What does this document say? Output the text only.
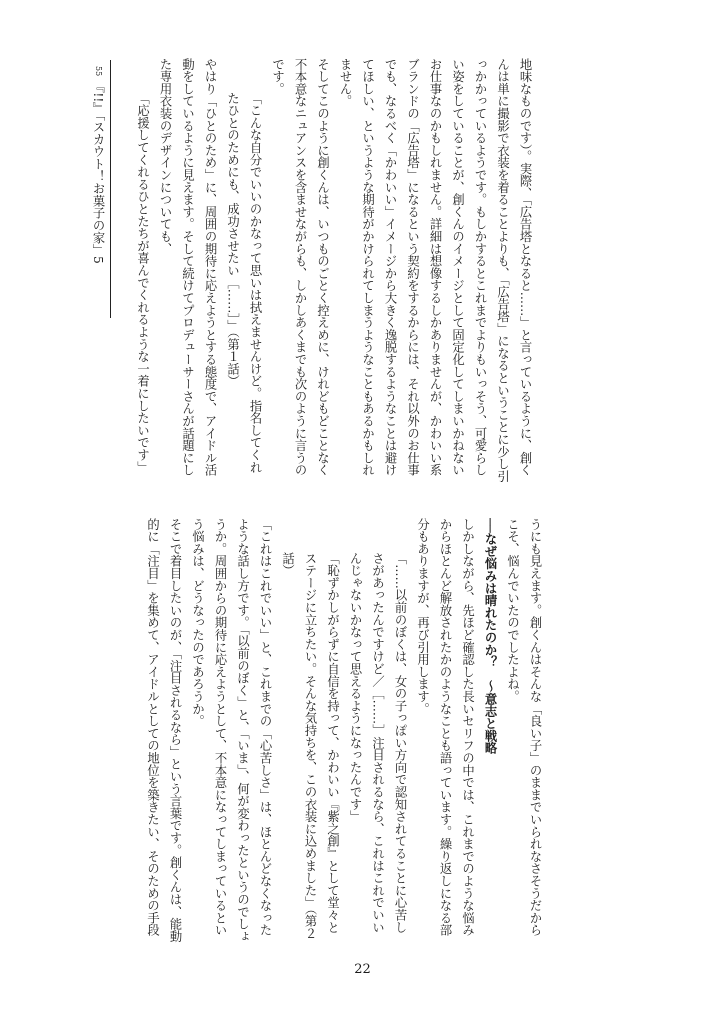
地味なものです）。実際、「広告塔となると……」と言っているように、創くんは単に撮影で衣装を着ることよりも、「広告塔」になるということに少し引っかかっているようです。もしかするとこれまでよりもいっそう、可愛らしい姿をしていることが、創くんのイメージとして固定化してしまいかねないお仕事なのかもしれません。詳細は想像するしかありませんが、かわいい系ブランドの「広告塔」になるという契約をするからには、それ以外のお仕事でも、なるべく「かわいい」イメージから大きく逸脱するようなことは避けてほしい、というような期待がかけられてしまうようなこともあるかもしれません。

そしてこのように創くんは、いつものごとく控えめに、けれどもどことなく不本意なニュアンスを含ませながらも、しかしあくまでも次のように言うのです。

「こんな自分でいいのかなって思いは拭えませんけど。指名してくれたひとのためにも、成功させたい［……］」（第１話）

やはり「ひとのため」に、周囲の期待に応えようとする態度で、アイドル活動をしているように見えます。そして続けてプロデューサーさんが話題にした専用衣装のデザインについても、

「応援してくれるひとたちが喜んでくれるような一着にしたいです」

うにも見えます。創くんはそんな「良い子」のままでいられなさそうだからこそ、悩んでいたのでしたよね。

──なぜ悩みは晴れたのか？　〜意志と戦略

しかしながら、先ほど確認した長いセリフの中では、これまでのような悩みからほとんど解放されたかのようなことも語っています。繰り返しになる部分もありますが、再び引用します。

「……以前のぼくは、女の子っぽい方向で認知されてることに心苦しさがあったんですけど／［……］注目されるなら、これはこれでいいんじゃないかなって思えるようになったんです」

「恥ずかしがらずに自信を持って、かわいい『紫之創』として堂々とステージに立ちたい。そんな気持ちを、この衣装に込めました」（第２話）

「これはこれでいい」と、これまでの「心苦しさ」は、ほとんどなくなったような話し方です。「以前のぼく」と、「いま」、何が変わったというのでしょうか。周囲からの期待に応えようとして、不本意になってしまっているという悩みは、どうなったのであろうか。

そこで着目したいのが、「注目されるなら」という言葉です。創くんは、能動的に「注目」を集めて、アイドルとしての地位を築きたい、そのための手段

55 『!!』「スカウト！お菓子の家」5
22
